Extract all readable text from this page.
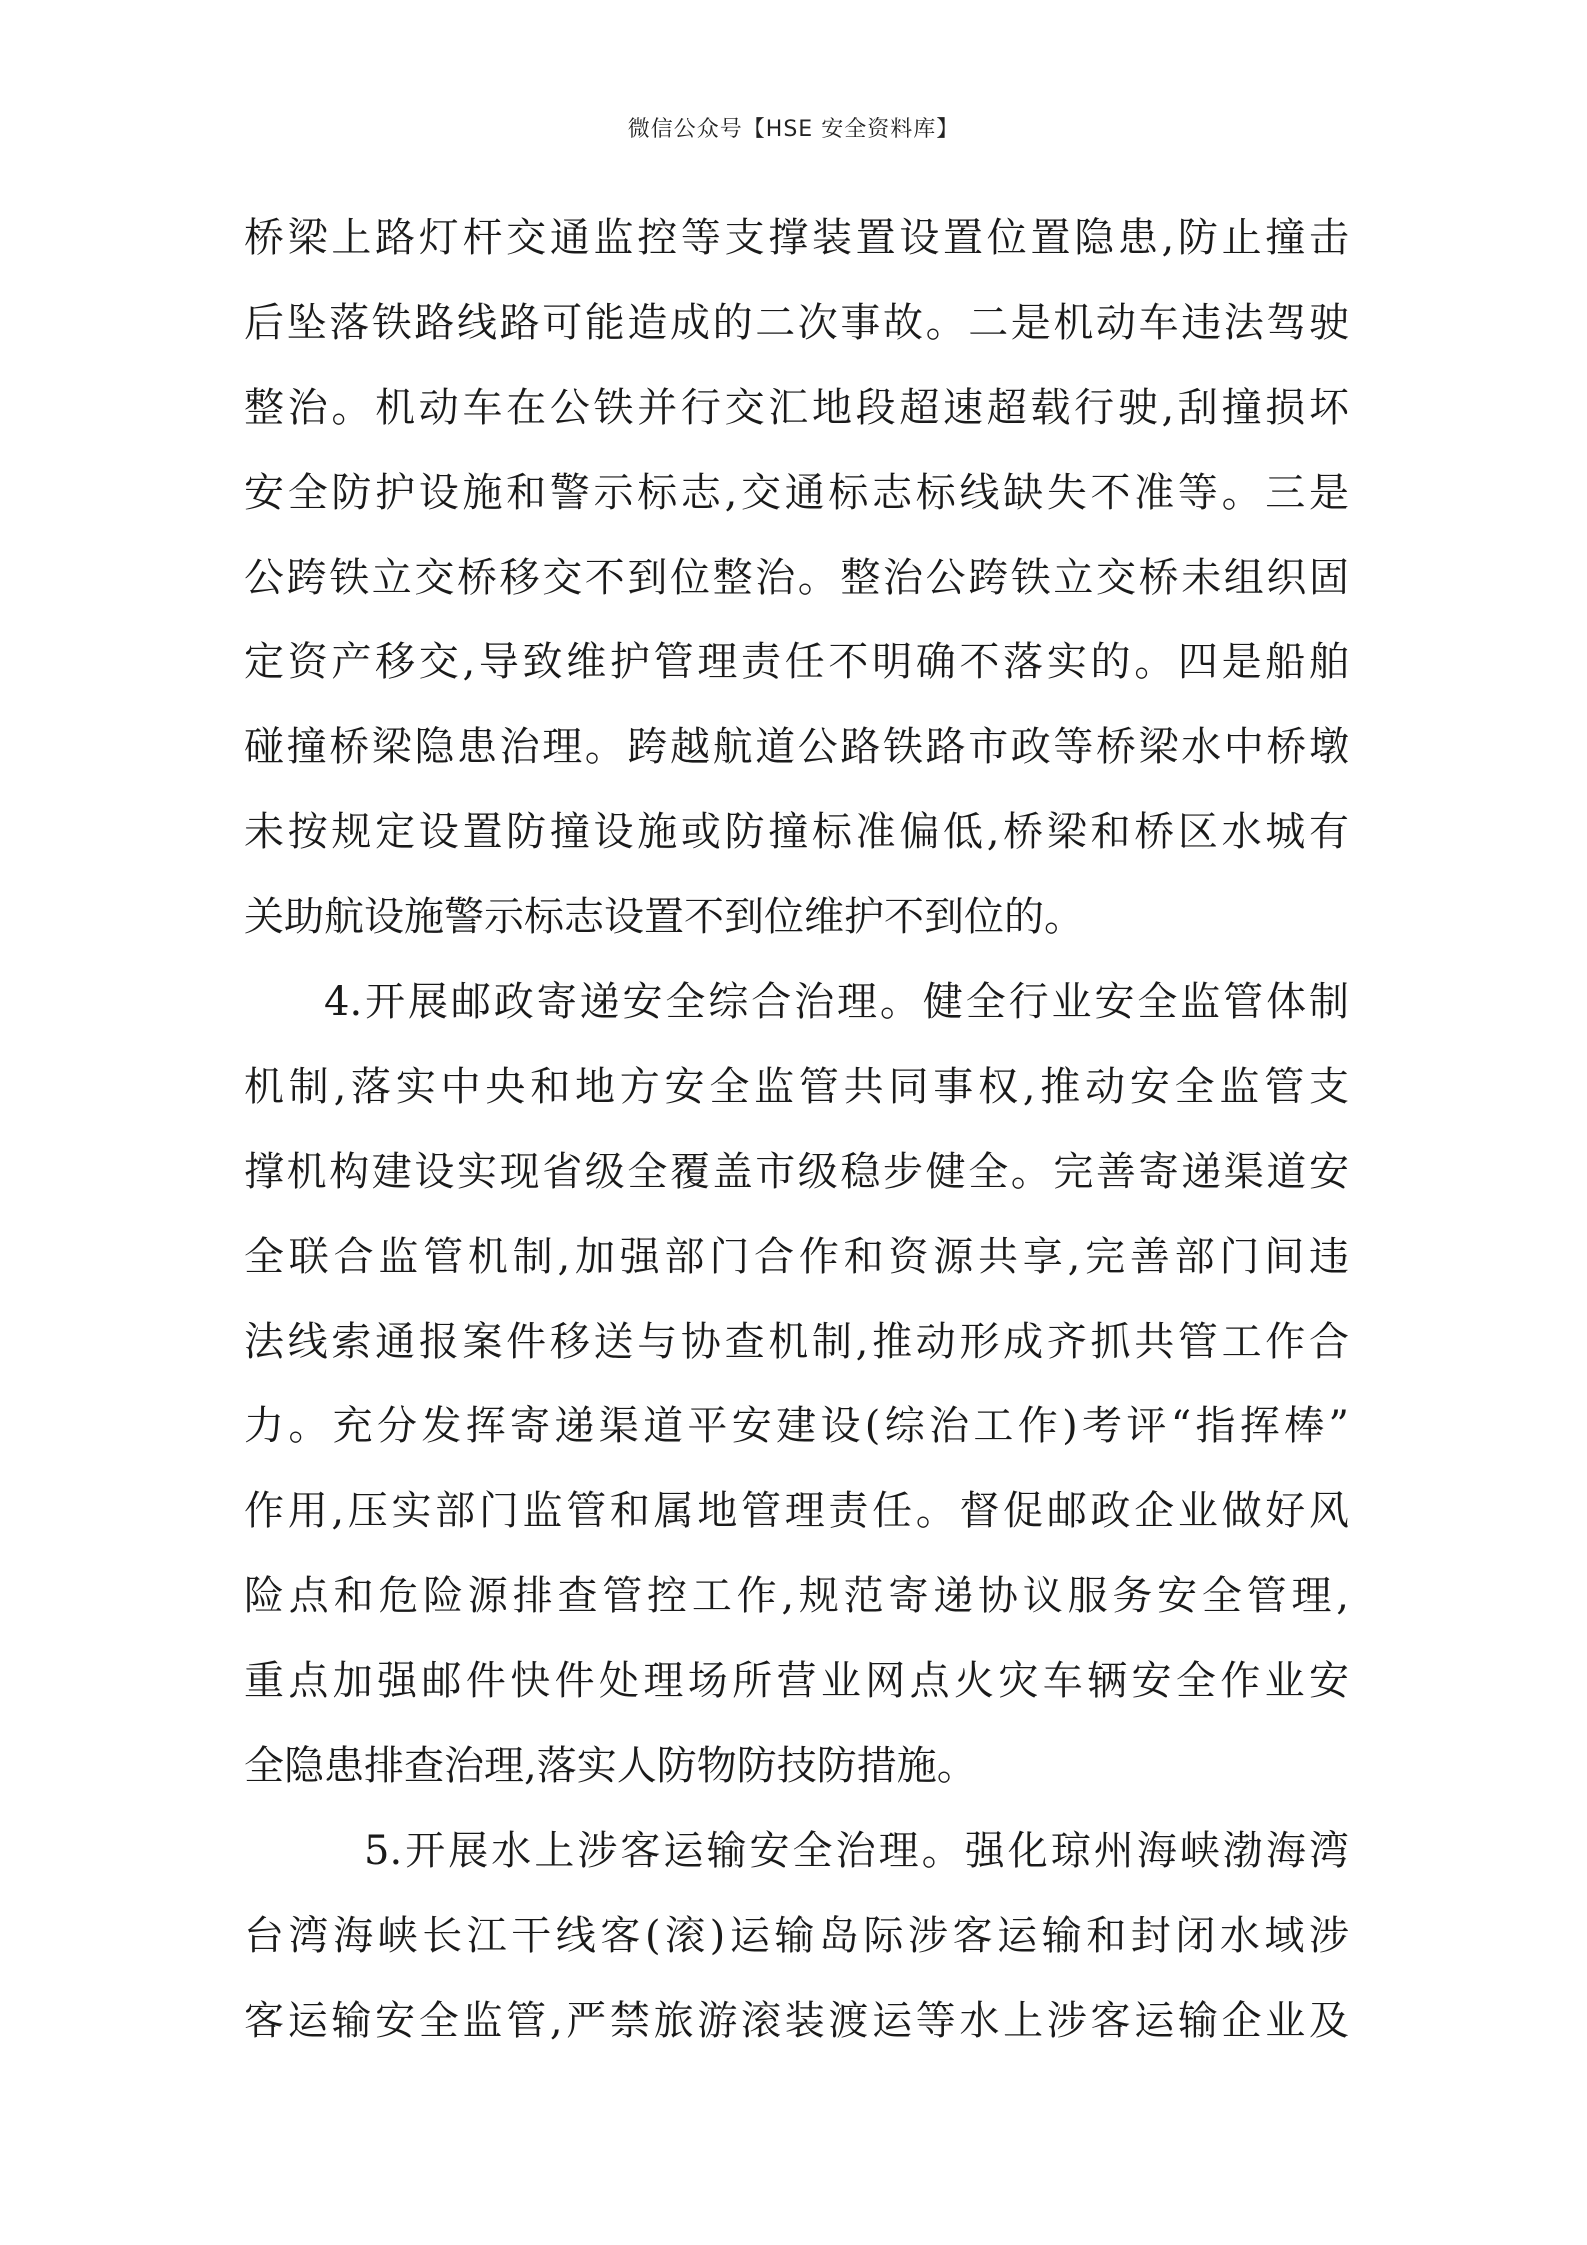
微信公众号【HSE 安全资料库】
桥梁上路灯杆交通监控等支撑装置设置位置隐患,防止撞击
后坠落铁路线路可能造成的二次事故。二是机动车违法驾驶
整治。机动车在公铁并行交汇地段超速超载行驶,刮撞损坏
安全防护设施和警示标志,交通标志标线缺失不准等。三是
公跨铁立交桥移交不到位整治。整治公跨铁立交桥未组织固
定资产移交,导致维护管理责任不明确不落实的。四是船舶
碰撞桥梁隐患治理。跨越航道公路铁路市政等桥梁水中桥墩
未按规定设置防撞设施或防撞标准偏低,桥梁和桥区水城有
关助航设施警示标志设置不到位维护不到位的。
4.开展邮政寄递安全综合治理。健全行业安全监管体制
机制,落实中央和地方安全监管共同事权,推动安全监管支
撑机构建设实现省级全覆盖市级稳步健全。完善寄递渠道安
全联合监管机制,加强部门合作和资源共享,完善部门间违
法线索通报案件移送与协查机制,推动形成齐抓共管工作合
力。充分发挥寄递渠道平安建设(综治工作)考评“指挥棒”
作用,压实部门监管和属地管理责任。督促邮政企业做好风
险点和危险源排查管控工作,规范寄递协议服务安全管理,
重点加强邮件快件处理场所营业网点火灾车辆安全作业安
全隐患排查治理,落实人防物防技防措施。
5.开展水上涉客运输安全治理。强化琼州海峡渤海湾
台湾海峡长江干线客(滚)运输岛际涉客运输和封闭水域涉
客运输安全监管,严禁旅游滚装渡运等水上涉客运输企业及
